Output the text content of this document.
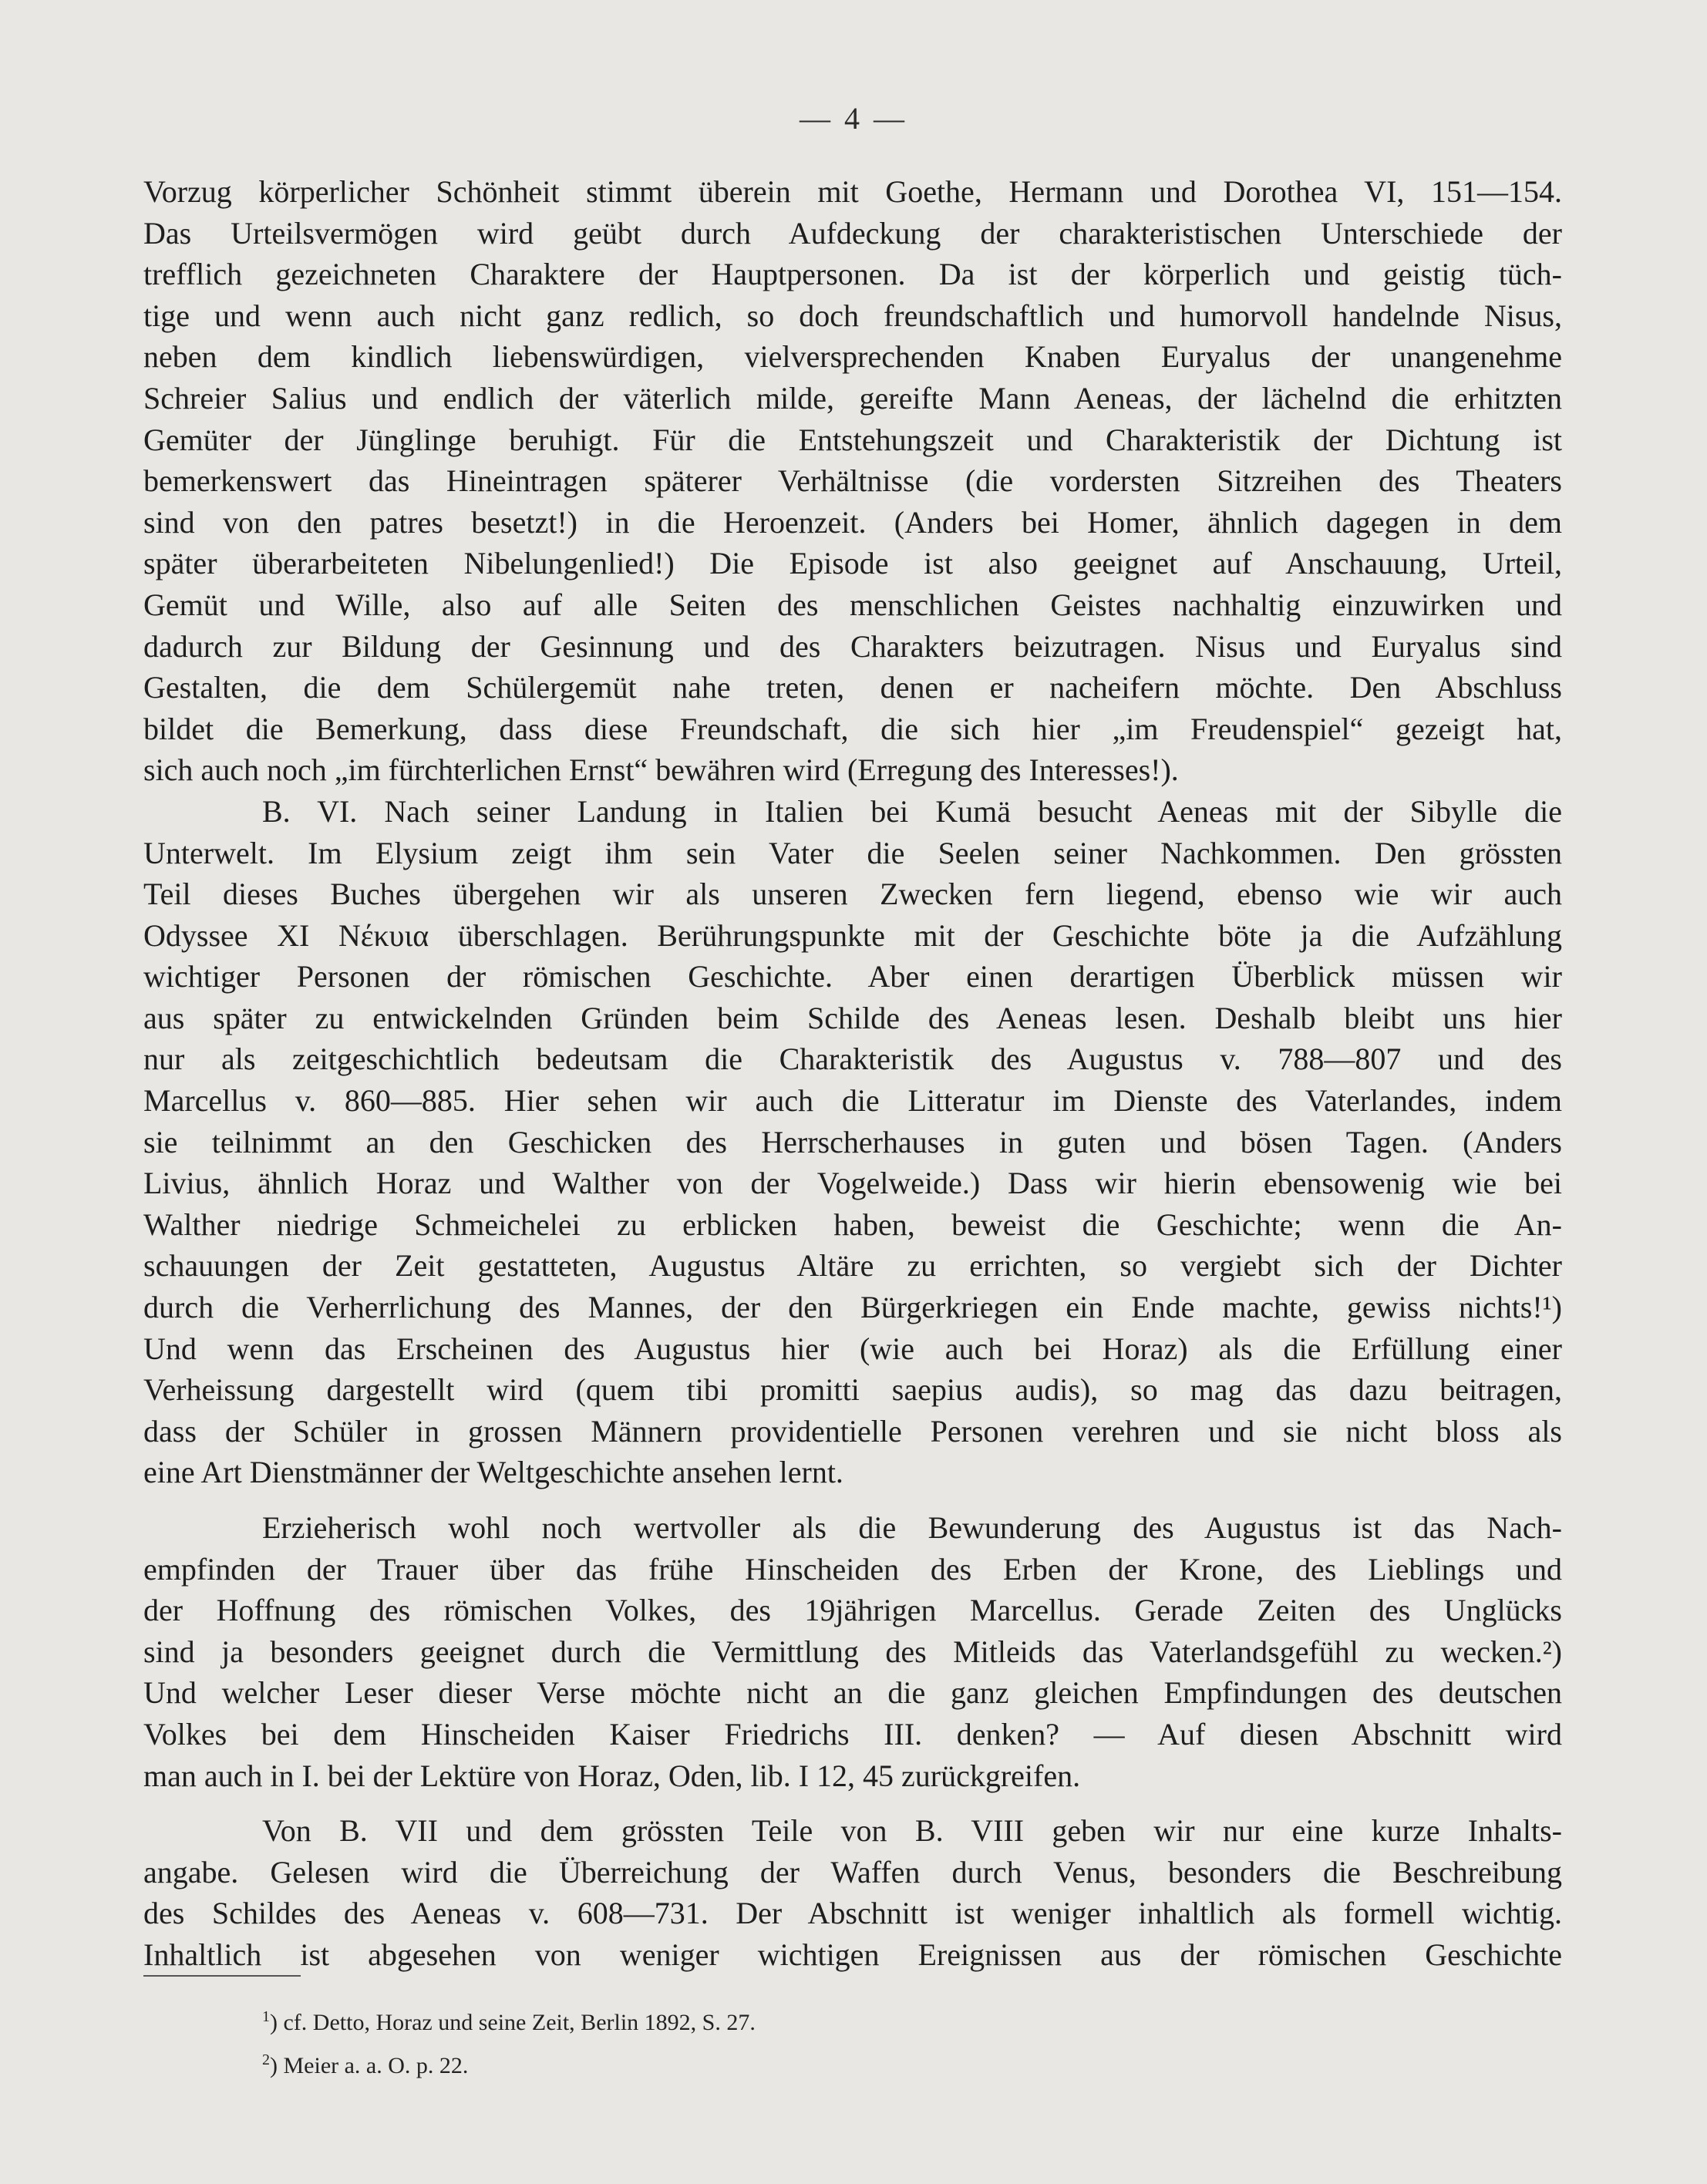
— 4 —
Vorzug körperlicher Schönheit stimmt überein mit Goethe, Hermann und Dorothea VI, 151—154.
Das Urteilsvermögen wird geübt durch Aufdeckung der charakteristischen Unterschiede der
trefflich gezeichneten Charaktere der Hauptpersonen. Da ist der körperlich und geistig tüch-
tige und wenn auch nicht ganz redlich, so doch freundschaftlich und humorvoll handelnde Nisus,
neben dem kindlich liebenswürdigen, vielversprechenden Knaben Euryalus der unangenehme
Schreier Salius und endlich der väterlich milde, gereifte Mann Aeneas, der lächelnd die erhitzten
Gemüter der Jünglinge beruhigt. Für die Entstehungszeit und Charakteristik der Dichtung ist
bemerkenswert das Hineintragen späterer Verhältnisse (die vordersten Sitzreihen des Theaters
sind von den patres besetzt!) in die Heroenzeit. (Anders bei Homer, ähnlich dagegen in dem
später überarbeiteten Nibelungenlied!) Die Episode ist also geeignet auf Anschauung, Urteil,
Gemüt und Wille, also auf alle Seiten des menschlichen Geistes nachhaltig einzuwirken und
dadurch zur Bildung der Gesinnung und des Charakters beizutragen. Nisus und Euryalus sind
Gestalten, die dem Schülergemüt nahe treten, denen er nacheifern möchte. Den Abschluss
bildet die Bemerkung, dass diese Freundschaft, die sich hier „im Freudenspiel“ gezeigt hat,
sich auch noch „im fürchterlichen Ernst“ bewähren wird (Erregung des Interesses!).
B. VI. Nach seiner Landung in Italien bei Kumä besucht Aeneas mit der Sibylle die
Unterwelt. Im Elysium zeigt ihm sein Vater die Seelen seiner Nachkommen. Den grössten
Teil dieses Buches übergehen wir als unseren Zwecken fern liegend, ebenso wie wir auch
Odyssee XI Νέκυια überschlagen. Berührungspunkte mit der Geschichte böte ja die Aufzählung
wichtiger Personen der römischen Geschichte. Aber einen derartigen Überblick müssen wir
aus später zu entwickelnden Gründen beim Schilde des Aeneas lesen. Deshalb bleibt uns hier
nur als zeitgeschichtlich bedeutsam die Charakteristik des Augustus v. 788—807 und des
Marcellus v. 860—885. Hier sehen wir auch die Litteratur im Dienste des Vaterlandes, indem
sie teilnimmt an den Geschicken des Herrscherhauses in guten und bösen Tagen. (Anders
Livius, ähnlich Horaz und Walther von der Vogelweide.) Dass wir hierin ebensowenig wie bei
Walther niedrige Schmeichelei zu erblicken haben, beweist die Geschichte; wenn die An-
schauungen der Zeit gestatteten, Augustus Altäre zu errichten, so vergiebt sich der Dichter
durch die Verherrlichung des Mannes, der den Bürgerkriegen ein Ende machte, gewiss nichts!¹)
Und wenn das Erscheinen des Augustus hier (wie auch bei Horaz) als die Erfüllung einer
Verheissung dargestellt wird (quem tibi promitti saepius audis), so mag das dazu beitragen,
dass der Schüler in grossen Männern providentielle Personen verehren und sie nicht bloss als
eine Art Dienstmänner der Weltgeschichte ansehen lernt.
Erzieherisch wohl noch wertvoller als die Bewunderung des Augustus ist das Nach-
empfinden der Trauer über das frühe Hinscheiden des Erben der Krone, des Lieblings und
der Hoffnung des römischen Volkes, des 19jährigen Marcellus. Gerade Zeiten des Unglücks
sind ja besonders geeignet durch die Vermittlung des Mitleids das Vaterlandsgefühl zu wecken.²)
Und welcher Leser dieser Verse möchte nicht an die ganz gleichen Empfindungen des deutschen
Volkes bei dem Hinscheiden Kaiser Friedrichs III. denken? — Auf diesen Abschnitt wird
man auch in I. bei der Lektüre von Horaz, Oden, lib. I 12, 45 zurückgreifen.
Von B. VII und dem grössten Teile von B. VIII geben wir nur eine kurze Inhalts-
angabe. Gelesen wird die Überreichung der Waffen durch Venus, besonders die Beschreibung
des Schildes des Aeneas v. 608—731. Der Abschnitt ist weniger inhaltlich als formell wichtig.
Inhaltlich ist abgesehen von weniger wichtigen Ereignissen aus der römischen Geschichte
$^1$) cf. Detto, Horaz und seine Zeit, Berlin 1892, S. 27.
$^2$) Meier a. a. O. p. 22.
